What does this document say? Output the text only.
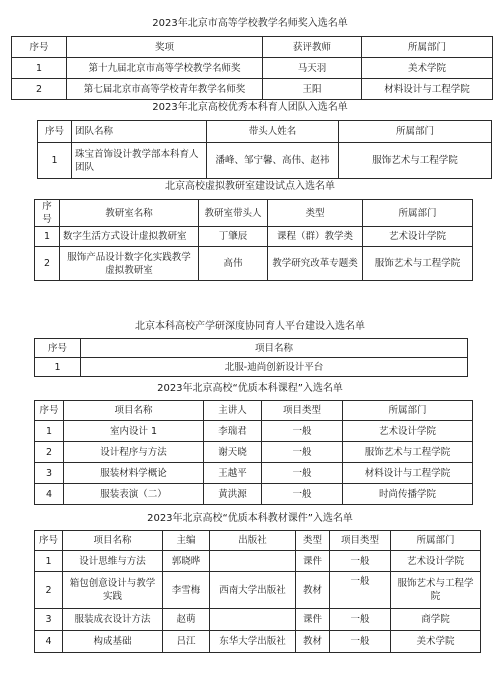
2023年北京市高等学校教学名师奖入选名单
序号	奖项	获评教师	所属部门
1	第十九届北京市高等学校教学名师奖	马天羽	美术学院
2	第七届北京市高等学校青年教学名师奖	王阳	材料设计与工程学院
2023年北京高校优秀本科育人团队入选名单
序号	团队名称	带头人姓名	所属部门
1	珠宝首饰设计教学部本科育人团队	潘峰、邹宁馨、高伟、赵祎	服饰艺术与工程学院
北京高校虚拟教研室建设试点入选名单
序号	教研室名称	教研室带头人	类型	所属部门
1	数字生活方式设计虚拟教研室	丁肇辰	课程（群）教学类	艺术设计学院
2	服饰产品设计数字化实践教学虚拟教研室	高伟	教学研究改革专题类	服饰艺术与工程学院
北京本科高校产学研深度协同育人平台建设入选名单
序号	项目名称
1	北服-迪尚创新设计平台
2023年北京高校“优质本科课程”入选名单
序号	项目名称	主讲人	项目类型	所属部门
1	室内设计 1	李瑞君	一般	艺术设计学院
2	设计程序与方法	谢天晓	一般	服饰艺术与工程学院
3	服装材料学概论	王越平	一般	材料设计与工程学院
4	服装表演（二）	黄洪源	一般	时尚传播学院
2023年北京高校“优质本科教材课件”入选名单
序号	项目名称	主编	出版社	类型	项目类型	所属部门
1	设计思维与方法	郭晓晔		课件	一般	艺术设计学院
2	箱包创意设计与教学实践	李雪梅	西南大学出版社	教材	一般	服饰艺术与工程学院
3	服装成衣设计方法	赵萌		课件	一般	商学院
4	构成基础	吕江	东华大学出版社	教材	一般	美术学院
